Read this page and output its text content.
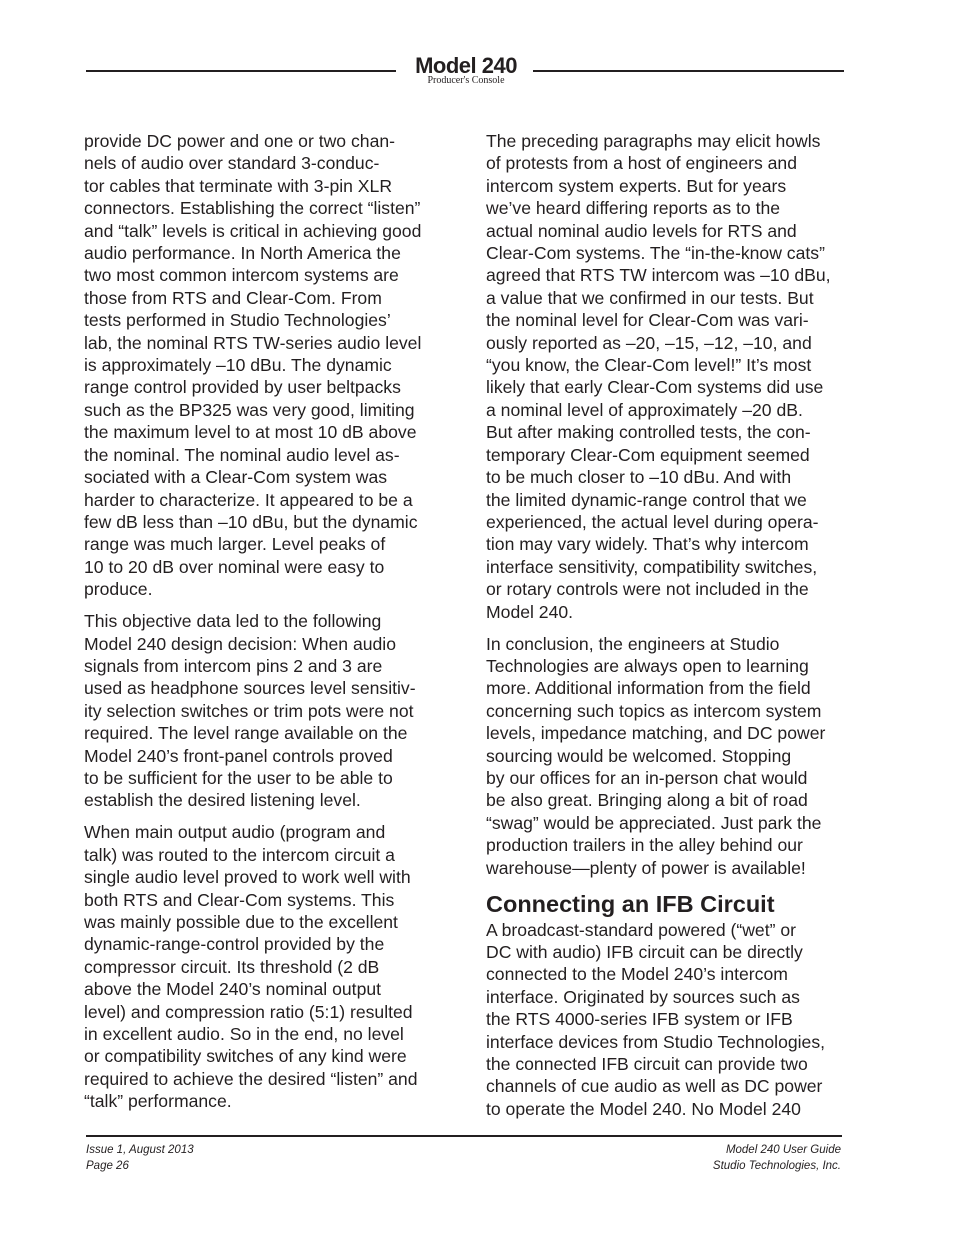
Model 240
Producer's Console

provide DC power and one or two chan-
nels of audio over standard 3-conduc-
tor cables that terminate with 3-pin XLR
connectors. Establishing the correct “listen”
and “talk” levels is critical in achieving good
audio performance. In North America the
two most common intercom systems are
those from RTS and Clear-Com. From
tests performed in Studio Technologies’
lab, the nominal RTS TW-series audio level
is approximately –10 dBu. The dynamic
range control provided by user beltpacks
such as the BP325 was very good, limiting
the maximum level to at most 10 dB above
the nominal. The nominal audio level as-
sociated with a Clear-Com system was
harder to characterize. It appeared to be a
few dB less than –10 dBu, but the dynamic
range was much larger. Level peaks of
10 to 20 dB over nominal were easy to
produce.

This objective data led to the following
Model 240 design decision: When audio
signals from intercom pins 2 and 3 are
used as headphone sources level sensitiv-
ity selection switches or trim pots were not
required. The level range available on the
Model 240’s front-panel controls proved
to be sufficient for the user to be able to
establish the desired listening level.

When main output audio (program and
talk) was routed to the intercom circuit a
single audio level proved to work well with
both RTS and Clear-Com systems. This
was mainly possible due to the excellent
dynamic-range-control provided by the
compressor circuit. Its threshold (2 dB
above the Model 240’s nominal output
level) and compression ratio (5:1) resulted
in excellent audio. So in the end, no level
or compatibility switches of any kind were
required to achieve the desired “listen” and
“talk” performance.

The preceding paragraphs may elicit howls
of protests from a host of engineers and
intercom system experts. But for years
we’ve heard differing reports as to the
actual nominal audio levels for RTS and
Clear-Com systems. The “in-the-know cats”
agreed that RTS TW intercom was –10 dBu,
a value that we confirmed in our tests. But
the nominal level for Clear-Com was vari-
ously reported as –20, –15, –12, –10, and
“you know, the Clear-Com level!” It’s most
likely that early Clear-Com systems did use
a nominal level of approximately –20 dB.
But after making controlled tests, the con-
temporary Clear-Com equipment seemed
to be much closer to –10 dBu. And with
the limited dynamic-range control that we
experienced, the actual level during opera-
tion may vary widely. That’s why intercom
interface sensitivity, compatibility switches,
or rotary controls were not included in the
Model 240.

In conclusion, the engineers at Studio
Technologies are always open to learning
more. Additional information from the field
concerning such topics as intercom system
levels, impedance matching, and DC power
sourcing would be welcomed. Stopping
by our offices for an in-person chat would
be also great. Bringing along a bit of road
“swag” would be appreciated. Just park the
production trailers in the alley behind our
warehouse—plenty of power is available!

Connecting an IFB Circuit

A broadcast-standard powered (“wet” or
DC with audio) IFB circuit can be directly
connected to the Model 240’s intercom
interface. Originated by sources such as
the RTS 4000-series IFB system or IFB
interface devices from Studio Technologies,
the connected IFB circuit can provide two
channels of cue audio as well as DC power
to operate the Model 240. No Model 240

Issue 1, August 2013
Page 26
Model 240 User Guide
Studio Technologies, Inc.
